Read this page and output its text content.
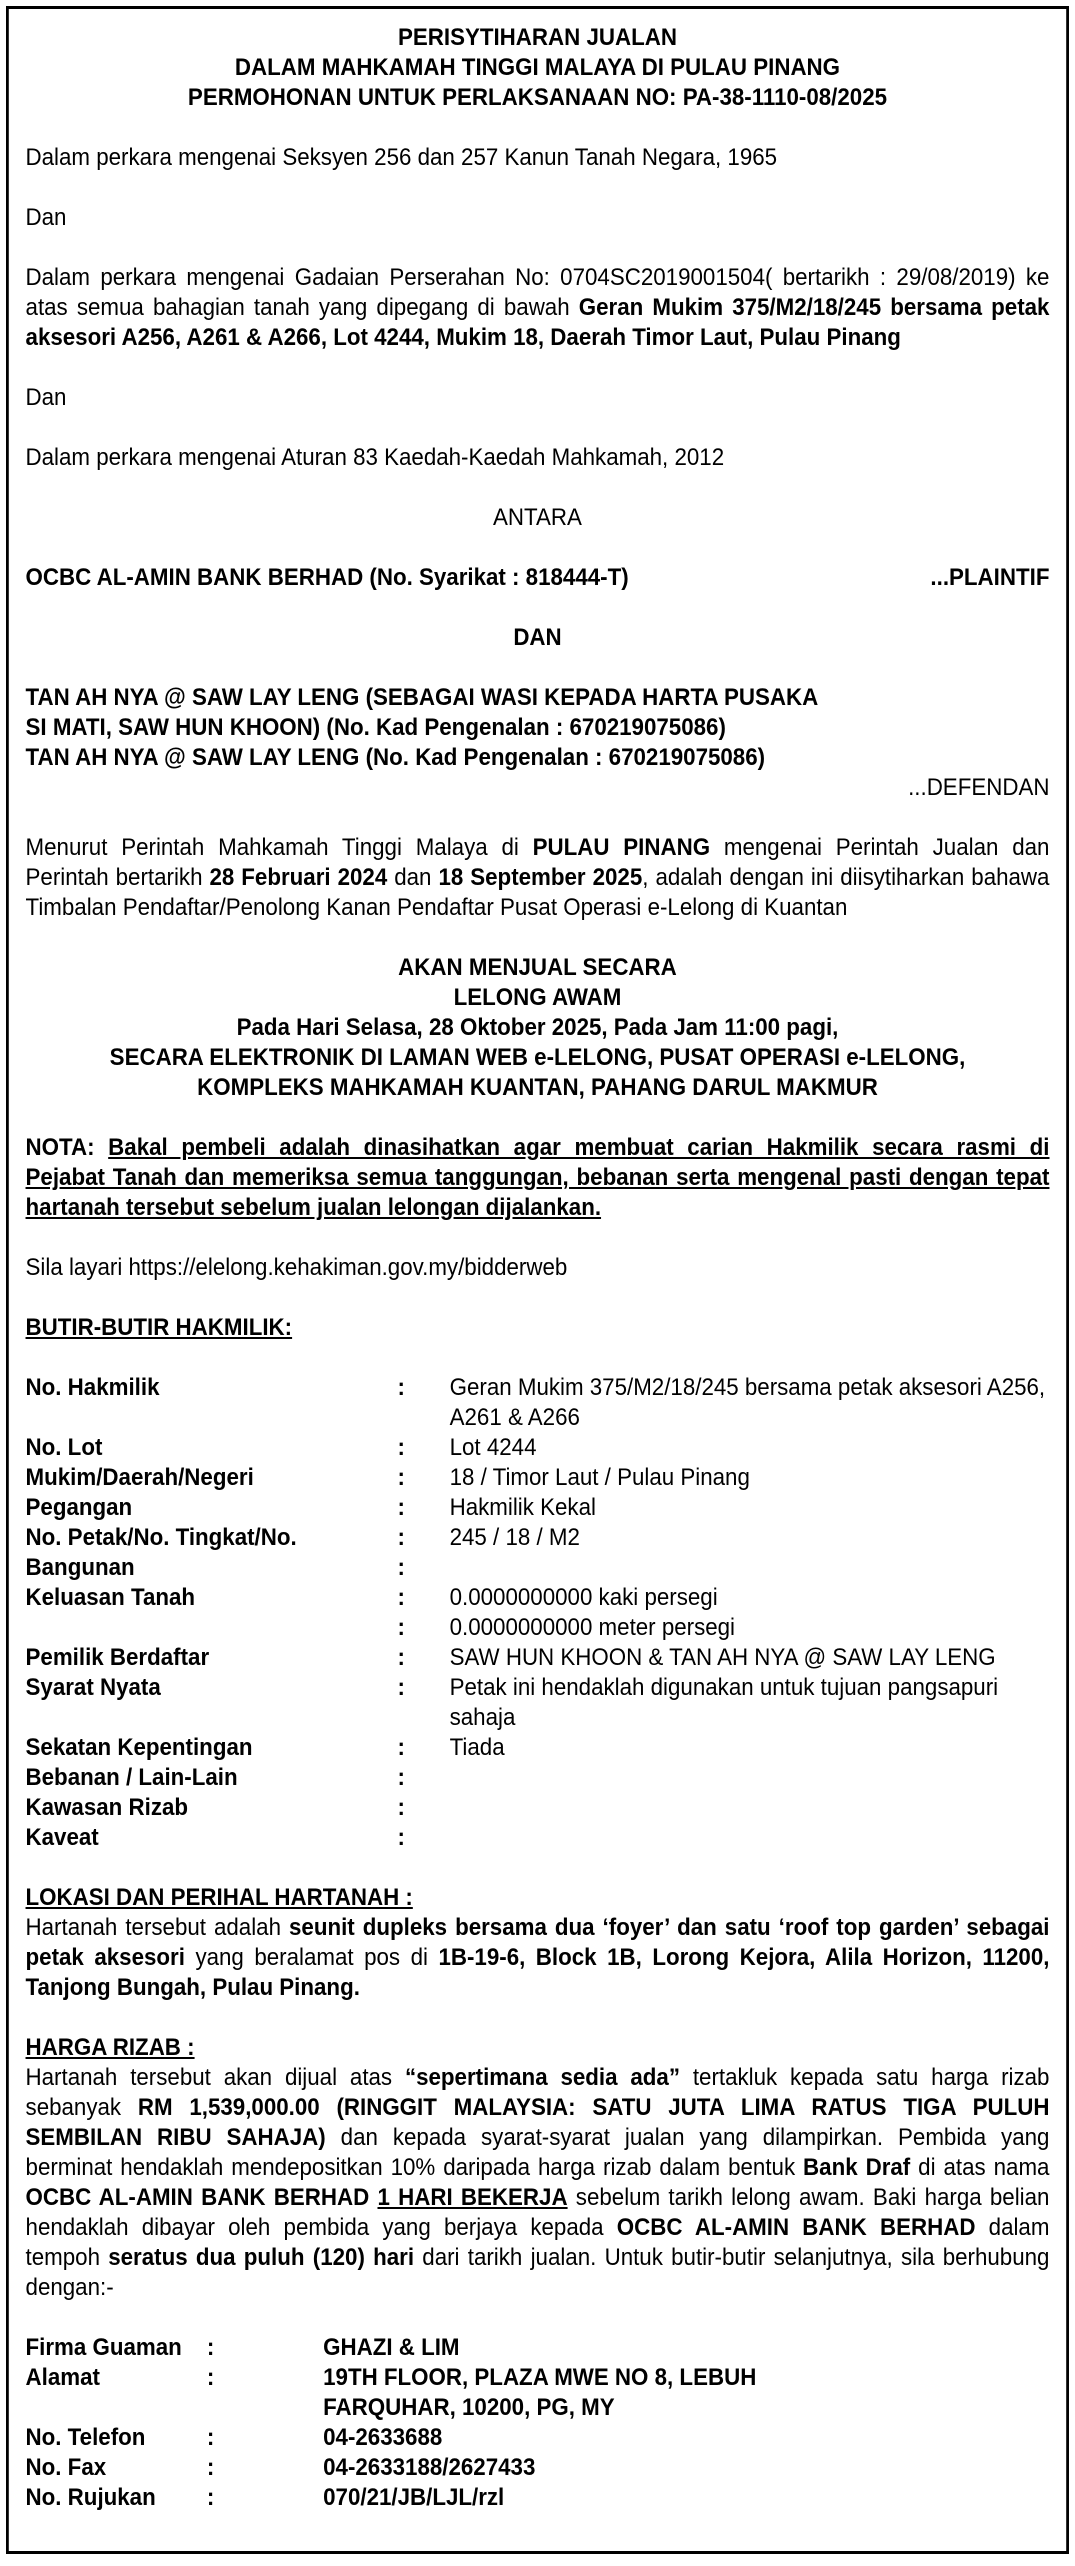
PERISYTIHARAN JUALAN

DALAM MAHKAMAH TINGGI MALAYA DI PULAU PINANG

PERMOHONAN UNTUK PERLAKSANAAN NO: PA-38-1110-08/2025

Dalam perkara mengenai Seksyen 256 dan 257 Kanun Tanah Negara, 1965

Dan

Dalam perkara mengenai Gadaian Perserahan No: 0704SC2019001504( bertarikh : 29/08/2019) ke atas semua bahagian tanah yang dipegang di bawah Geran Mukim 375/M2/18/245 bersama petak aksesori A256, A261 & A266, Lot 4244, Mukim 18, Daerah Timor Laut, Pulau Pinang

Dan

Dalam perkara mengenai Aturan 83 Kaedah-Kaedah Mahkamah, 2012

ANTARA

OCBC AL-AMIN BANK BERHAD (No. Syarikat : 818444-T)	...PLAINTIF

DAN

TAN AH NYA @ SAW LAY LENG (SEBAGAI WASI KEPADA HARTA PUSAKA SI MATI, SAW HUN KHOON) (No. Kad Pengenalan : 670219075086)

TAN AH NYA @ SAW LAY LENG (No. Kad Pengenalan : 670219075086)

...DEFENDAN

Menurut Perintah Mahkamah Tinggi Malaya di PULAU PINANG mengenai Perintah Jualan dan Perintah bertarikh 28 Februari 2024 dan 18 September 2025, adalah dengan ini diisytiharkan bahawa Timbalan Pendaftar/Penolong Kanan Pendaftar Pusat Operasi e-Lelong di Kuantan

AKAN MENJUAL SECARA

LELONG AWAM

Pada Hari Selasa, 28 Oktober 2025, Pada Jam 11:00 pagi,

SECARA ELEKTRONIK DI LAMAN WEB e-LELONG, PUSAT OPERASI e-LELONG, KOMPLEKS MAHKAMAH KUANTAN, PAHANG DARUL MAKMUR

NOTA: Bakal pembeli adalah dinasihatkan agar membuat carian Hakmilik secara rasmi di Pejabat Tanah dan memeriksa semua tanggungan, bebanan serta mengenal pasti dengan tepat hartanah tersebut sebelum jualan lelongan dijalankan.

Sila layari https://elelong.kehakiman.gov.my/bidderweb

BUTIR-BUTIR HAKMILIK:

No. Hakmilik	:	Geran Mukim 375/M2/18/245 bersama petak aksesori A256, A261 & A266
No. Lot	:	Lot 4244
Mukim/Daerah/Negeri	:	18 / Timor Laut / Pulau Pinang
Pegangan	:	Hakmilik Kekal
No. Petak/No. Tingkat/No.	:	245 / 18 / M2
Bangunan	:
Keluasan Tanah	:	0.0000000000 kaki persegi
:	0.0000000000 meter persegi
Pemilik Berdaftar	:	SAW HUN KHOON & TAN AH NYA @ SAW LAY LENG
Syarat Nyata	:	Petak ini hendaklah digunakan untuk tujuan pangsapuri sahaja
Sekatan Kepentingan	:	Tiada
Bebanan / Lain-Lain	:
Kawasan Rizab	:
Kaveat	:

LOKASI DAN PERIHAL HARTANAH :

Hartanah tersebut adalah seunit dupleks bersama dua ‘foyer’ dan satu ‘roof top garden’ sebagai petak aksesori yang beralamat pos di 1B-19-6, Block 1B, Lorong Kejora, Alila Horizon, 11200, Tanjong Bungah, Pulau Pinang.

HARGA RIZAB :

Hartanah tersebut akan dijual atas “sepertimana sedia ada” tertakluk kepada satu harga rizab sebanyak RM 1,539,000.00 (RINGGIT MALAYSIA: SATU JUTA LIMA RATUS TIGA PULUH SEMBILAN RIBU SAHAJA) dan kepada syarat-syarat jualan yang dilampirkan. Pembida yang berminat hendaklah mendepositkan 10% daripada harga rizab dalam bentuk Bank Draf di atas nama OCBC AL-AMIN BANK BERHAD 1 HARI BEKERJA sebelum tarikh lelong awam. Baki harga belian hendaklah dibayar oleh pembida yang berjaya kepada OCBC AL-AMIN BANK BERHAD dalam tempoh seratus dua puluh (120) hari dari tarikh jualan. Untuk butir-butir selanjutnya, sila berhubung dengan:-

Firma Guaman	:	GHAZI & LIM
Alamat	:	19TH FLOOR, PLAZA MWE NO 8, LEBUH FARQUHAR, 10200, PG, MY
No. Telefon	:	04-2633688
No. Fax	:	04-2633188/2627433
No. Rujukan	:	070/21/JB/LJL/rzl
